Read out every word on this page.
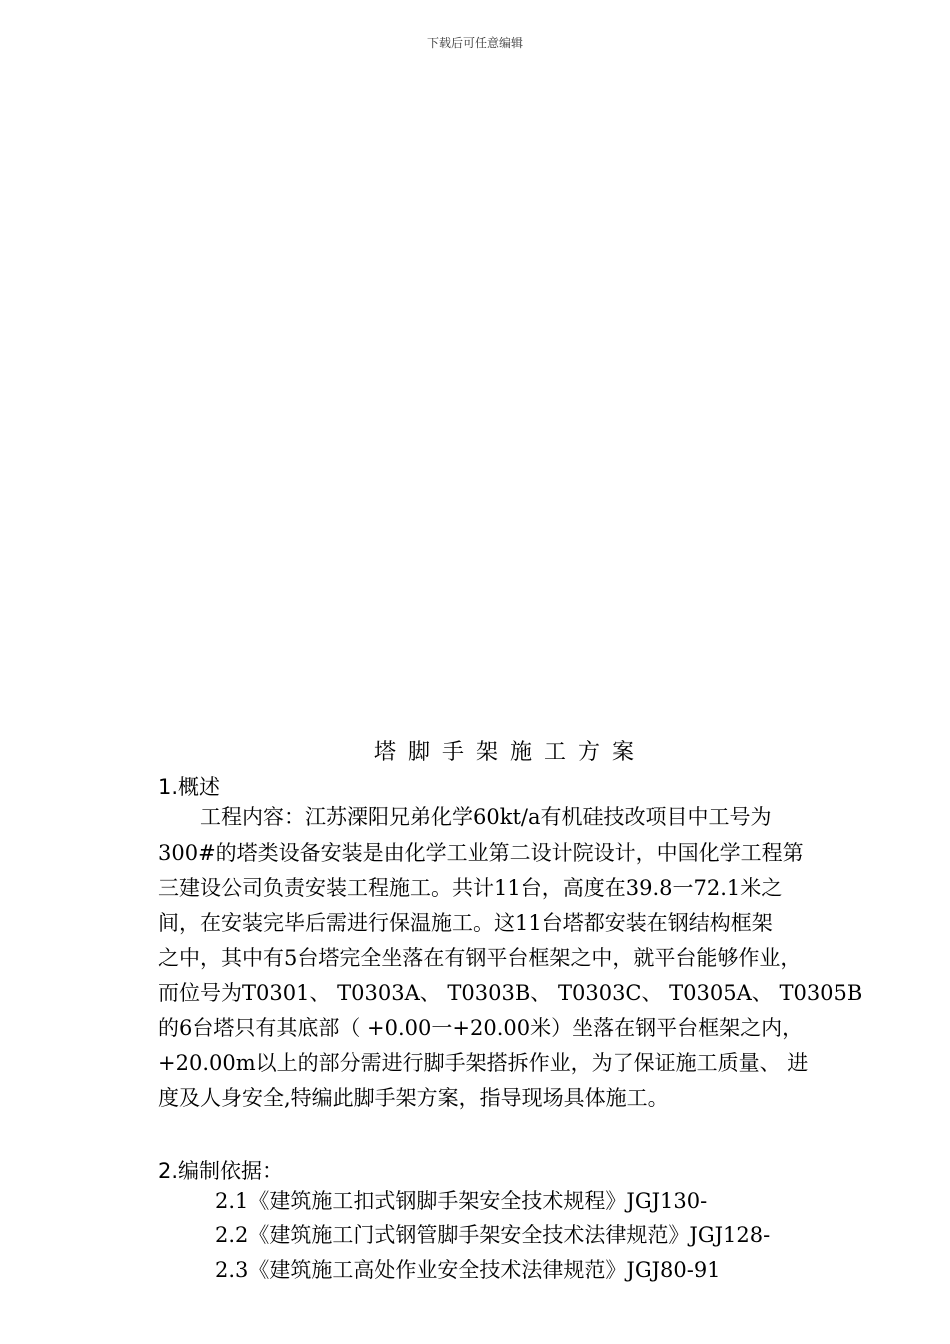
下载后可任意编辑
塔脚手架施工方案
1.概述
　　工程内容：江苏溧阳兄弟化学60kt/a有机硅技改项目中工号为
300#的塔类设备安装是由化学工业第二设计院设计，中国化学工程第
三建设公司负责安装工程施工。共计11台，高度在39.8一72.1米之
间，在安装完毕后需进行保温施工。这11台塔都安装在钢结构框架
之中，其中有5台塔完全坐落在有钢平台框架之中，就平台能够作业，
而位号为T0301、 T0303A、 T0303B、 T0303C、 T0305A、 T0305B
的6台塔只有其底部（ +0.00一+20.00米）坐落在钢平台框架之内，
+20.00m以上的部分需进行脚手架搭拆作业，为了保证施工质量、 进
度及人身安全,特编此脚手架方案，指导现场具体施工。
2.编制依据：
2.1《建筑施工扣式钢脚手架安全技术规程》JGJ130-
2.2《建筑施工门式钢管脚手架安全技术法律规范》JGJ128-
2.3《建筑施工高处作业安全技术法律规范》JGJ80-91
